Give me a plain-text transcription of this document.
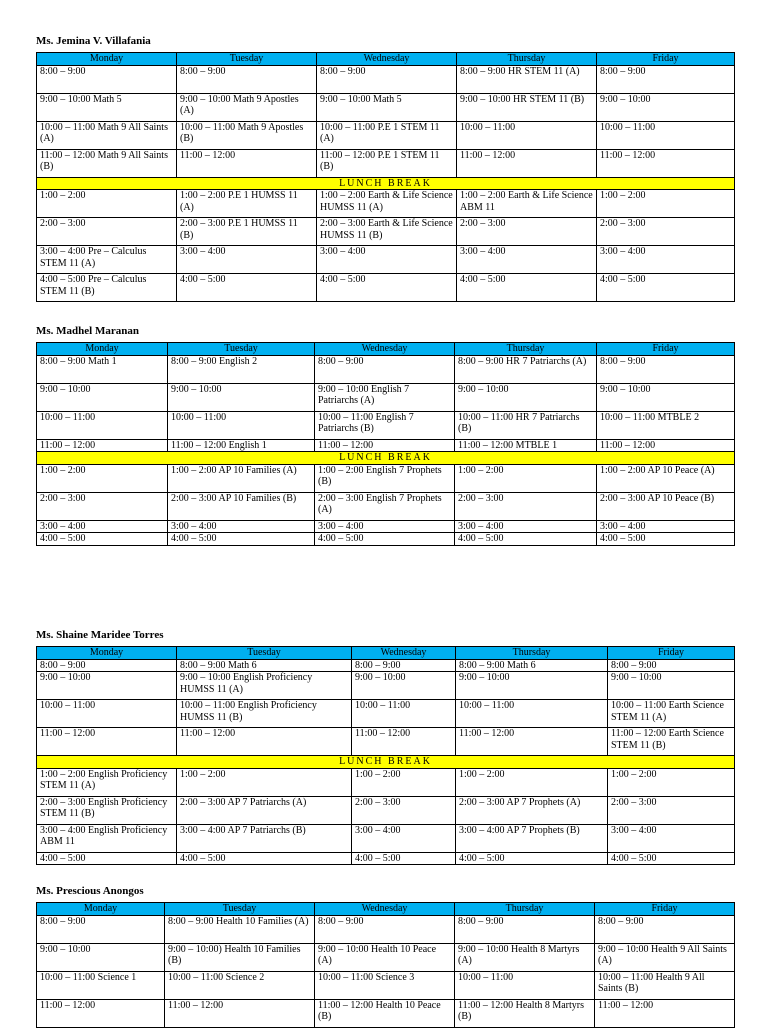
Ms. Jemina V. Villafania
Monday	Tuesday	Wednesday	Thursday	Friday
8:00 – 9:00	8:00 – 9:00	8:00 – 9:00	8:00 – 9:00 HR STEM 11 (A)	8:00 – 9:00
9:00 – 10:00 Math 5	9:00 – 10:00 Math 9 Apostles (A)	9:00 – 10:00 Math 5	9:00 – 10:00 HR STEM 11 (B)	9:00 – 10:00
10:00 – 11:00 Math 9 All Saints (A)	10:00 – 11:00 Math 9 Apostles (B)	10:00 – 11:00 P.E 1 STEM 11 (A)	10:00 – 11:00	10:00 – 11:00
11:00 – 12:00 Math 9 All Saints (B)	11:00 – 12:00	11:00 – 12:00 P.E 1 STEM 11 (B)	11:00 – 12:00	11:00 – 12:00
LUNCH BREAK				
1:00 – 2:00	1:00 – 2:00 P.E 1 HUMSS 11 (A)	1:00 – 2:00 Earth & Life Science HUMSS 11 (A)	1:00 – 2:00 Earth & Life Science ABM 11	1:00 – 2:00
2:00 – 3:00	2:00 – 3:00 P.E 1 HUMSS 11 (B)	2:00 – 3:00 Earth & Life Science HUMSS 11 (B)	2:00 – 3:00	2:00 – 3:00
3:00 – 4:00 Pre – Calculus STEM 11 (A)	3:00 – 4:00	3:00 – 4:00	3:00 – 4:00	3:00 – 4:00
4:00 – 5:00 Pre – Calculus STEM 11 (B)	4:00 – 5:00	4:00 – 5:00	4:00 – 5:00	4:00 – 5:00
Ms. Madhel Maranan
Monday	Tuesday	Wednesday	Thursday	Friday
8:00 – 9:00 Math 1	8:00 – 9:00 English 2	8:00 – 9:00	8:00 – 9:00 HR 7 Patriarchs (A)	8:00 – 9:00
9:00 – 10:00	9:00 – 10:00	9:00 – 10:00 English 7 Patriarchs (A)	9:00 – 10:00	9:00 – 10:00
10:00 – 11:00	10:00 – 11:00	10:00 – 11:00 English 7 Patriarchs (B)	10:00 – 11:00 HR 7 Patriarchs (B)	10:00 – 11:00 MTBLE 2
11:00 – 12:00	11:00 – 12:00 English 1	11:00 – 12:00	11:00 – 12:00 MTBLE 1	11:00 – 12:00
LUNCH BREAK				
1:00 – 2:00	1:00 – 2:00 AP 10 Families (A)	1:00 – 2:00 English 7 Prophets (B)	1:00 – 2:00	1:00 – 2:00 AP 10 Peace (A)
2:00 – 3:00	2:00 – 3:00 AP 10 Families (B)	2:00 – 3:00 English 7 Prophets (A)	2:00 – 3:00	2:00 – 3:00 AP 10 Peace (B)
3:00 – 4:00	3:00 – 4:00	3:00 – 4:00	3:00 – 4:00	3:00 – 4:00
4:00 – 5:00	4:00 – 5:00	4:00 – 5:00	4:00 – 5:00	4:00 – 5:00
Ms. Shaine Maridee Torres
Monday	Tuesday	Wednesday	Thursday	Friday
8:00 – 9:00	8:00 – 9:00 Math 6	8:00 – 9:00	8:00 – 9:00 Math 6	8:00 – 9:00
9:00 – 10:00	9:00 – 10:00 English Proficiency HUMSS 11 (A)	9:00 – 10:00	9:00 – 10:00	9:00 – 10:00
10:00 – 11:00	10:00 – 11:00 English Proficiency HUMSS 11 (B)	10:00 – 11:00	10:00 – 11:00	10:00 – 11:00 Earth Science STEM 11 (A)
11:00 – 12:00	11:00 – 12:00	11:00 – 12:00	11:00 – 12:00	11:00 – 12:00 Earth Science STEM 11 (B)
LUNCH BREAK				
1:00 – 2:00 English Proficiency STEM 11 (A)	1:00 – 2:00	1:00 – 2:00	1:00 – 2:00	1:00 – 2:00
2:00 – 3:00 English Proficiency STEM 11 (B)	2:00 – 3:00 AP 7 Patriarchs (A)	2:00 – 3:00	2:00 – 3:00 AP 7 Prophets (A)	2:00 – 3:00
3:00 – 4:00 English Proficiency ABM 11	3:00 – 4:00 AP 7 Patriarchs (B)	3:00 – 4:00	3:00 – 4:00 AP 7 Prophets (B)	3:00 – 4:00
4:00 – 5:00	4:00 – 5:00	4:00 – 5:00	4:00 – 5:00	4:00 – 5:00
Ms. Prescious Anongos
Monday	Tuesday	Wednesday	Thursday	Friday
8:00 – 9:00	8:00 – 9:00 Health 10 Families (A)	8:00 – 9:00	8:00 – 9:00	8:00 – 9:00
9:00 – 10:00	9:00 – 10:00) Health 10 Families (B)	9:00 – 10:00 Health 10 Peace (A)	9:00 – 10:00 Health 8 Martyrs (A)	9:00 – 10:00 Health 9 All Saints (A)
10:00 – 11:00 Science 1	10:00 – 11:00 Science 2	10:00 – 11:00 Science 3	10:00 – 11:00	10:00 – 11:00 Health 9 All Saints (B)
11:00 – 12:00	11:00 – 12:00	11:00 – 12:00 Health 10 Peace (B)	11:00 – 12:00 Health 8 Martyrs (B)	11:00 – 12:00
